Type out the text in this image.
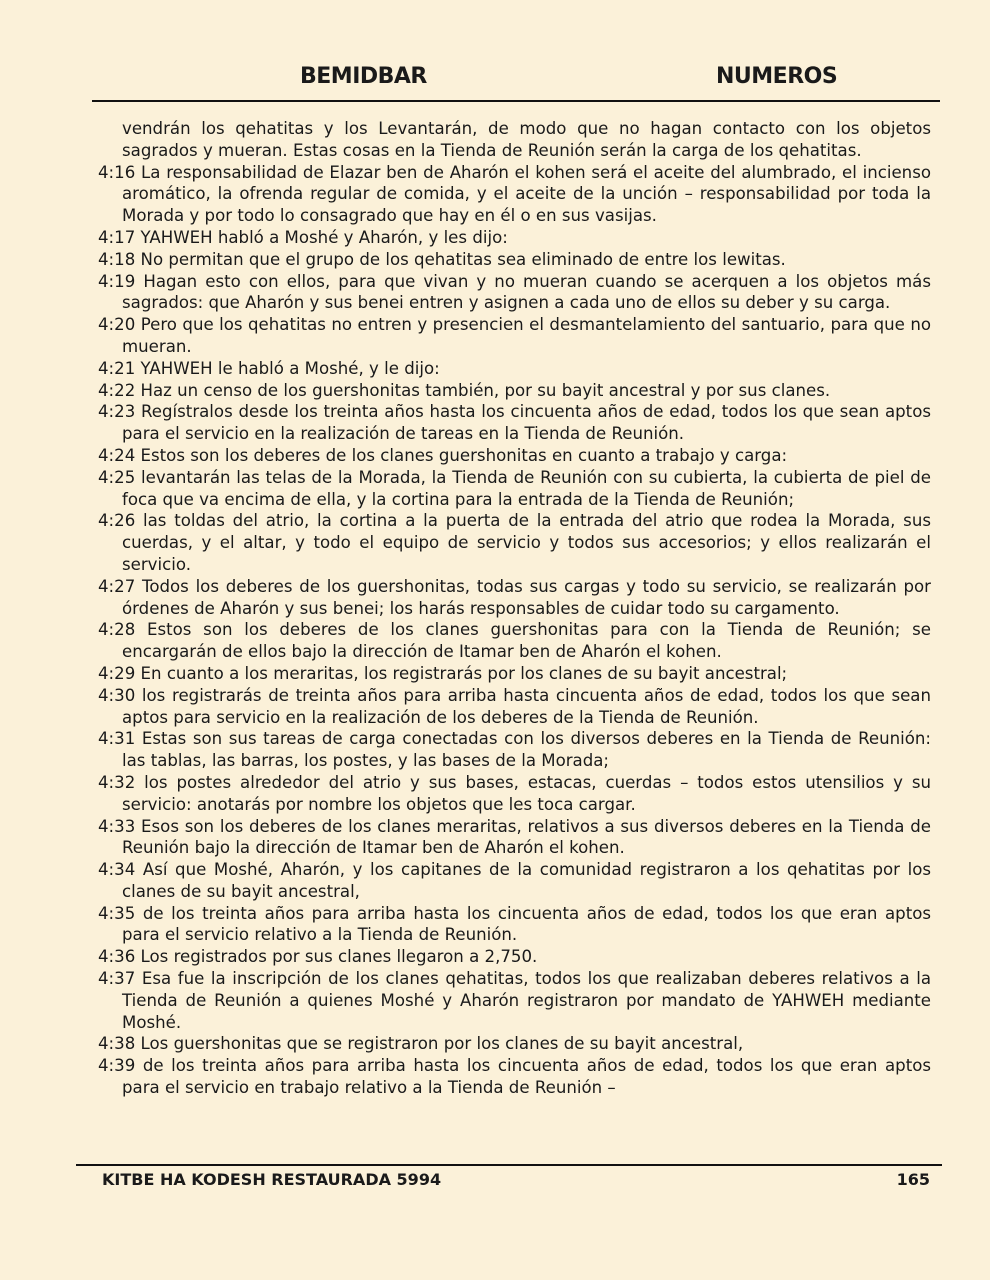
BEMIDBAR	NUMEROS

vendrán los qehatitas y los Levantarán, de modo que no hagan contacto con los objetos sagrados y mueran. Estas cosas en la Tienda de Reunión serán la carga de los qehatitas.

4:16 La responsabilidad de Elazar ben de Aharón el kohen será el aceite del alumbrado, el incienso aromático, la ofrenda regular de comida, y el aceite de la unción – responsabilidad por toda la Morada y por todo lo consagrado que hay en él o en sus vasijas.

4:17 YAHWEH habló a Moshé y Aharón, y les dijo:

4:18 No permitan que el grupo de los qehatitas sea eliminado de entre los lewitas.

4:19 Hagan esto con ellos, para que vivan y no mueran cuando se acerquen a los objetos más sagrados: que Aharón y sus benei entren y asignen a cada uno de ellos su deber y su carga.

4:20 Pero que los qehatitas no entren y presencien el desmantelamiento del santuario, para que no mueran.

4:21 YAHWEH le habló a Moshé, y le dijo:

4:22 Haz un censo de los guershonitas también, por su bayit ancestral y por sus clanes.

4:23 Regístralos desde los treinta años hasta los cincuenta años de edad, todos los que sean aptos para el servicio en la realización de tareas en la Tienda de Reunión.

4:24 Estos son los deberes de los clanes guershonitas en cuanto a trabajo y carga:

4:25 levantarán las telas de la Morada, la Tienda de Reunión con su cubierta, la cubierta de piel de foca que va encima de ella, y la cortina para la entrada de la Tienda de Reunión;

4:26 las toldas del atrio, la cortina a la puerta de la entrada del atrio que rodea la Morada, sus cuerdas, y el altar, y todo el equipo de servicio y todos sus accesorios; y ellos realizarán el servicio.

4:27 Todos los deberes de los guershonitas, todas sus cargas y todo su servicio, se realizarán por órdenes de Aharón y sus benei; los harás responsables de cuidar todo su cargamento.

4:28 Estos son los deberes de los clanes guershonitas para con la Tienda de Reunión; se encargarán de ellos bajo la dirección de Itamar ben de Aharón el kohen.

4:29 En cuanto a los meraritas, los registrarás por los clanes de su bayit ancestral;

4:30 los registrarás de treinta años para arriba hasta cincuenta años de edad, todos los que sean aptos para servicio en la realización de los deberes de la Tienda de Reunión.

4:31 Estas son sus tareas de carga conectadas con los diversos deberes en la Tienda de Reunión: las tablas, las barras, los postes, y las bases de la Morada;

4:32 los postes alrededor del atrio y sus bases, estacas, cuerdas – todos estos utensilios y su servicio: anotarás por nombre los objetos que les toca cargar.

4:33 Esos son los deberes de los clanes meraritas, relativos a sus diversos deberes en la Tienda de Reunión bajo la dirección de Itamar ben de Aharón el kohen.

4:34 Así que Moshé, Aharón, y los capitanes de la comunidad registraron a los qehatitas por los clanes de su bayit ancestral,

4:35 de los treinta años para arriba hasta los cincuenta años de edad, todos los que eran aptos para el servicio relativo a la Tienda de Reunión.

4:36 Los registrados por sus clanes llegaron a 2,750.

4:37 Esa fue la inscripción de los clanes qehatitas, todos los que realizaban deberes relativos a la Tienda de Reunión a quienes Moshé y Aharón registraron por mandato de YAHWEH mediante Moshé.

4:38 Los guershonitas que se registraron por los clanes de su bayit ancestral,

4:39 de los treinta años para arriba hasta los cincuenta años de edad, todos los que eran aptos para el servicio en trabajo relativo a la Tienda de Reunión –

KITBE HA KODESH RESTAURADA 5994	165
